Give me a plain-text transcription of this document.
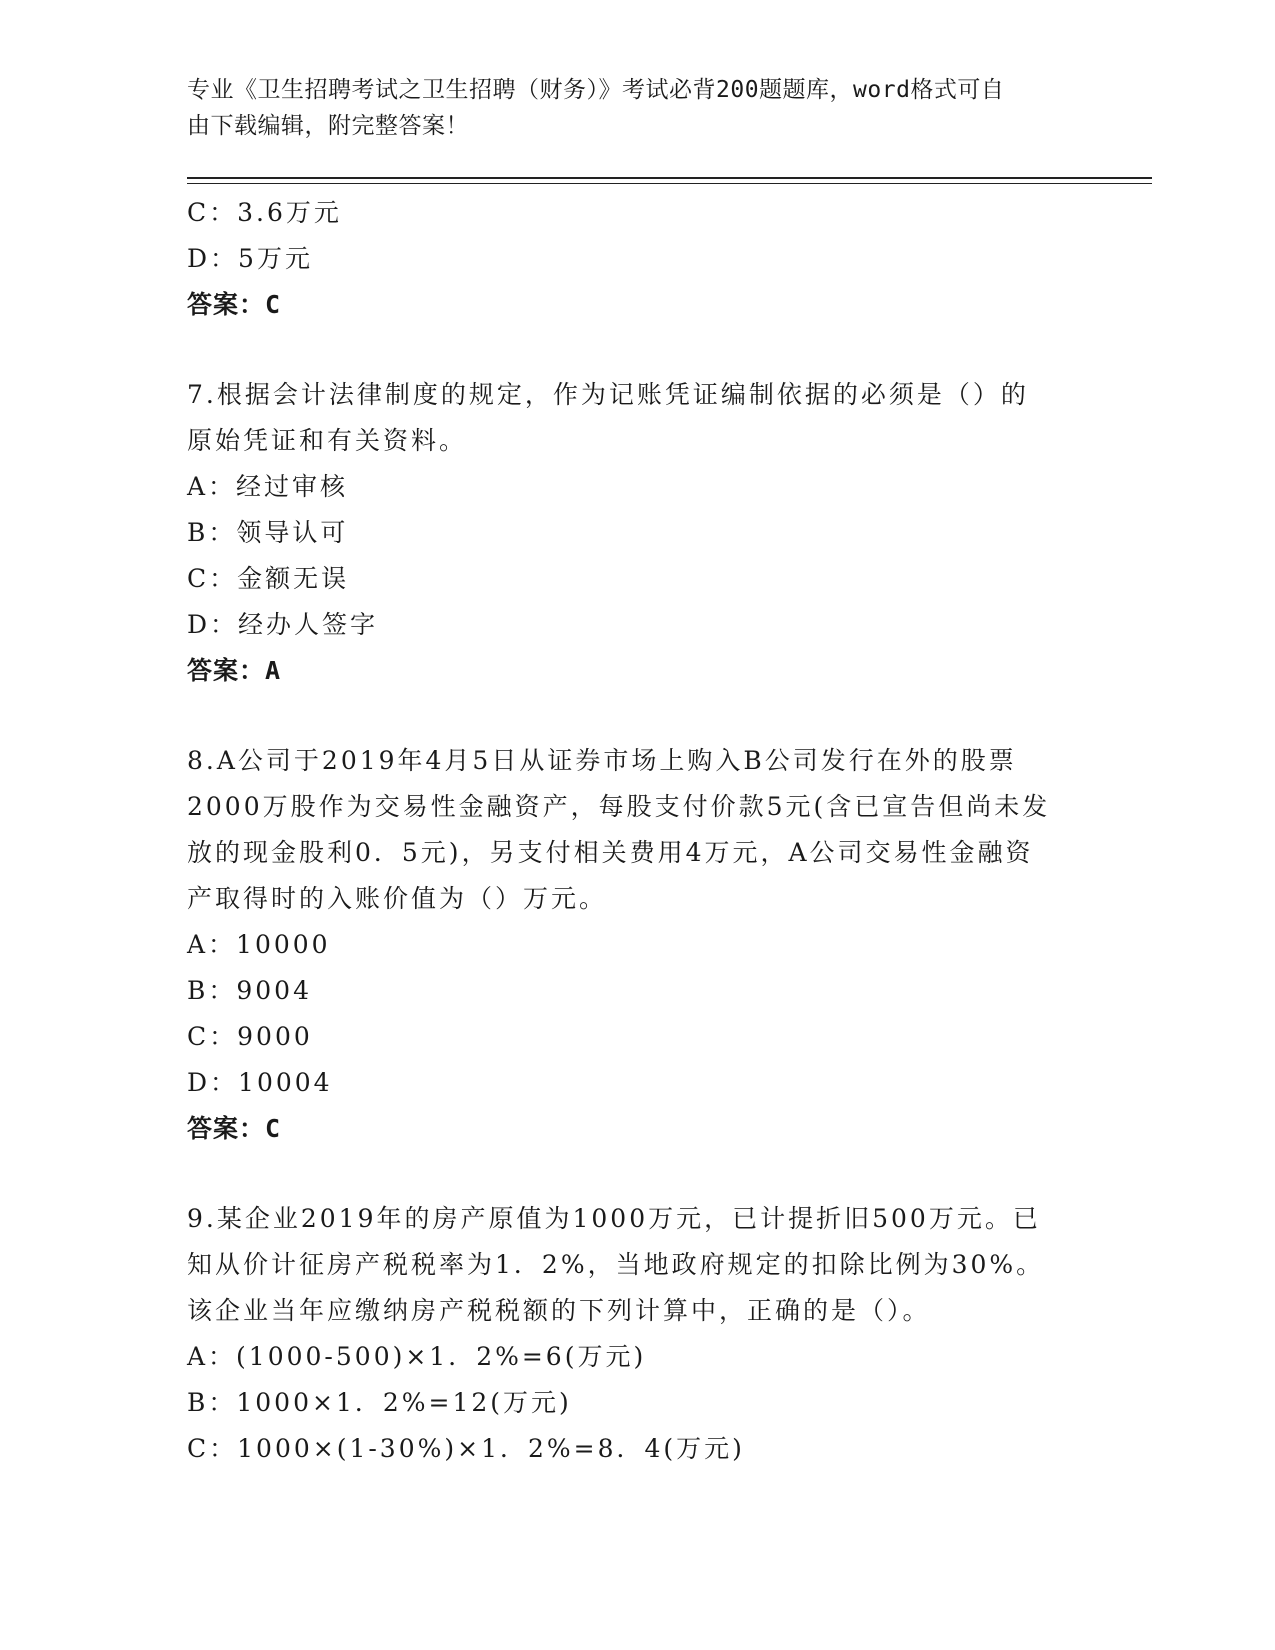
专业《卫生招聘考试之卫生招聘（财务）》考试必背200题题库，word格式可自
由下载编辑，附完整答案！
C：3.6万元
D：5万元
答案：C
7.根据会计法律制度的规定，作为记账凭证编制依据的必须是（）的
原始凭证和有关资料。
A：经过审核
B：领导认可
C：金额无误
D：经办人签字
答案：A
8.A公司于2019年4月5日从证券市场上购入B公司发行在外的股票
2000万股作为交易性金融资产，每股支付价款5元(含已宣告但尚未发
放的现金股利0．5元)，另支付相关费用4万元，A公司交易性金融资
产取得时的入账价值为（）万元。
A：10000
B：9004
C：9000
D：10004
答案：C
9.某企业2019年的房产原值为1000万元，已计提折旧500万元。已
知从价计征房产税税率为1．2%，当地政府规定的扣除比例为30%。
该企业当年应缴纳房产税税额的下列计算中，正确的是（）。
A：(1000-500)×1．2%=6(万元)
B：1000×1．2%=12(万元)
C：1000×(1-30%)×1．2%=8．4(万元)
